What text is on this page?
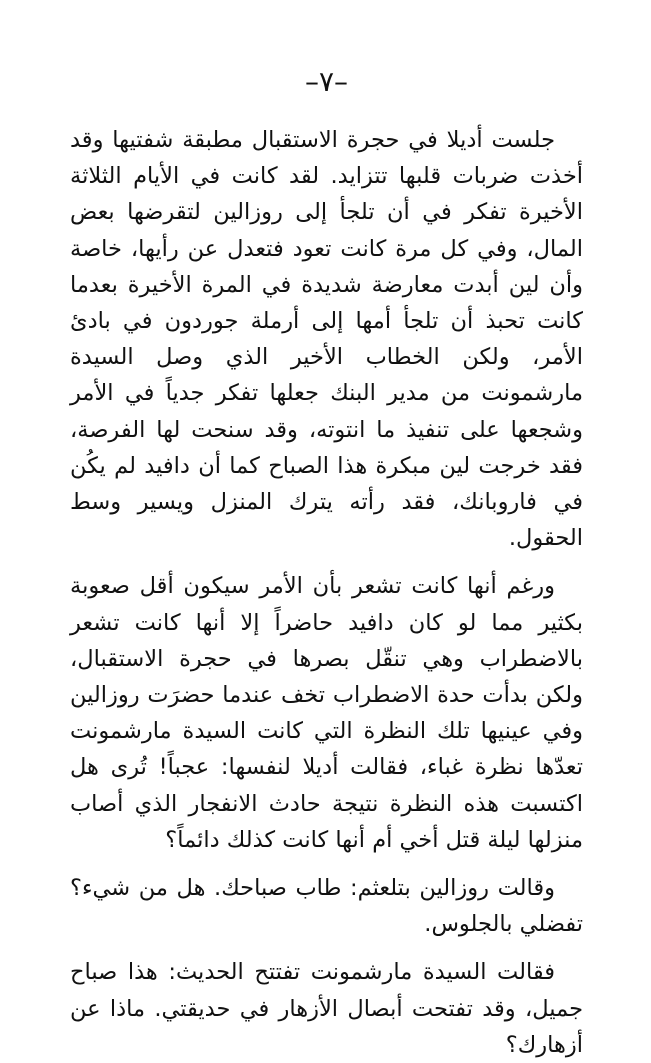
–٧–

جلست أديلا في حجرة الاستقبال مطبقة شفتيها وقد أخذت ضربات قلبها تتزايد. لقد كانت في الأيام الثلاثة الأخيرة تفكر في أن تلجأ إلى روزالين لتقرضها بعض المال، وفي كل مرة كانت تعود فتعدل عن رأيها، خاصة وأن لين أبدت معارضة شديدة في المرة الأخيرة بعدما كانت تحبذ أن تلجأ أمها إلى أرملة جوردون في بادئ الأمر، ولكن الخطاب الأخير الذي وصل السيدة مارشمونت من مدير البنك جعلها تفكر جدياً في الأمر وشجعها على تنفيذ ما انتوته، وقد سنحت لها الفرصة، فقد خرجت لين مبكرة هذا الصباح كما أن دافيد لم يكُن في فاروبانك، فقد رأته يترك المنزل ويسير وسط الحقول.

ورغم أنها كانت تشعر بأن الأمر سيكون أقل صعوبة بكثير مما لو كان دافيد حاضراً إلا أنها كانت تشعر بالاضطراب وهي تنقّل بصرها في حجرة الاستقبال، ولكن بدأت حدة الاضطراب تخف عندما حضرَت روزالين وفي عينيها تلك النظرة التي كانت السيدة مارشمونت تعدّها نظرة غباء، فقالت أديلا لنفسها: عجباً! تُرى هل اكتسبت هذه النظرة نتيجة حادث الانفجار الذي أصاب منزلها ليلة قتل أخي أم أنها كانت كذلك دائماً؟

وقالت روزالين بتلعثم: طاب صباحك. هل من شيء؟ تفضلي بالجلوس.

فقالت السيدة مارشمونت تفتتح الحديث: هذا صباح جميل، وقد تفتحت أبصال الأزهار في حديقتي. ماذا عن أزهارك؟
